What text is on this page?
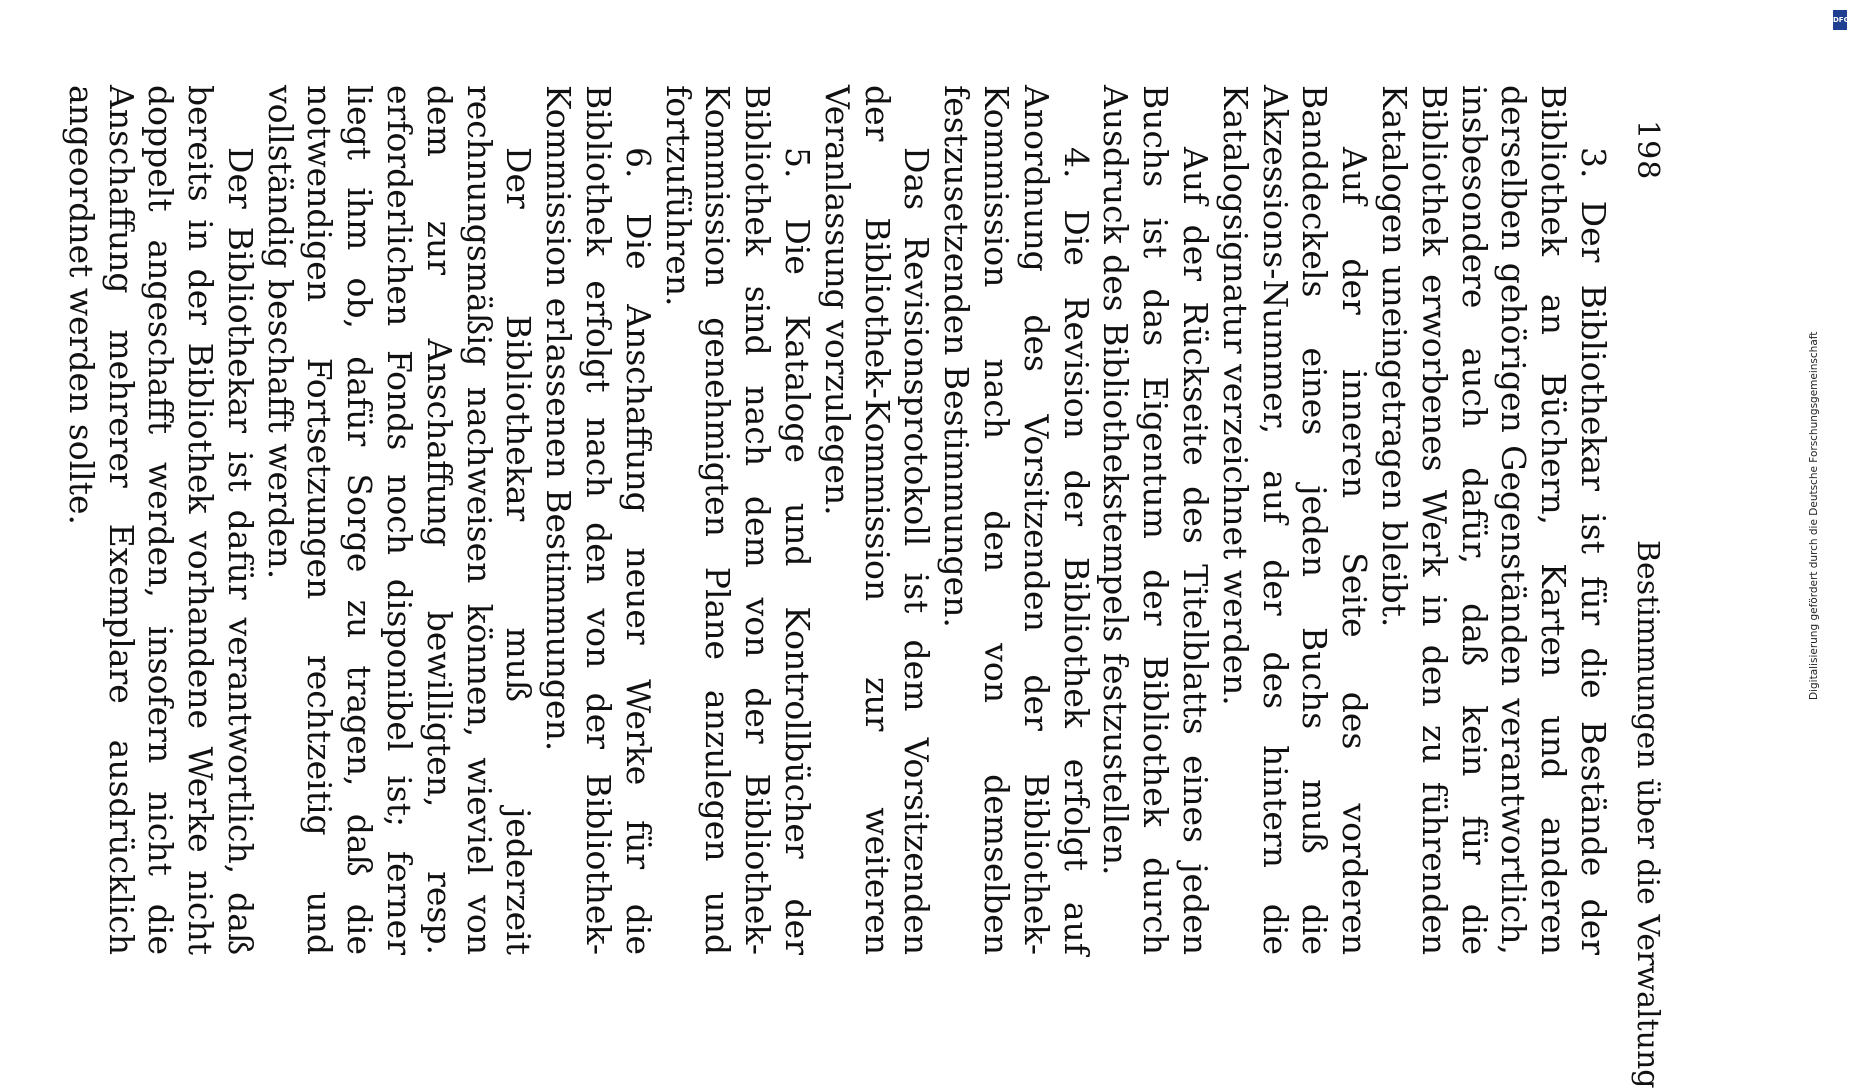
198
Bestimmungen über die Verwaltung

3. Der Bibliothekar ist für die Bestände der Bibliothek an Büchern, Karten und anderen derselben gehörigen Gegenständen verantwortlich, insbesondere auch dafür, daß kein für die Bibliothek erworbenes Werk in den zu führenden Katalogen uneingetragen bleibt.

Auf der inneren Seite des vorderen Banddeckels eines jeden Buchs muß die Akzessions-Nummer, auf der des hintern die Katalogsignatur verzeichnet werden.

Auf der Rückseite des Titelblatts eines jeden Buchs ist das Eigentum der Bibliothek durch Ausdruck des Bibliothekstempels festzustellen.

4. Die Revision der Bibliothek erfolgt auf Anordnung des Vorsitzenden der Bibliothek-Kommission nach den von demselben festzusetzenden Bestimmungen.

Das Revisionsprotokoll ist dem Vorsitzenden der Bibliothek-Kommission zur weiteren Veranlassung vorzulegen.

5. Die Kataloge und Kontrollbücher der Bibliothek sind nach dem von der Bibliothek-Kommission genehmigten Plane anzulegen und fortzuführen.

6. Die Anschaffung neuer Werke für die Bibliothek erfolgt nach den von der Bibliothek-Kommission erlassenen Bestimmungen.

Der Bibliothekar muß jederzeit rechnungsmäßig nachweisen können, wieviel von dem zur Anschaffung bewilligten, resp. erforderlichen Fonds noch disponibel ist; ferner liegt ihm ob, dafür Sorge zu tragen, daß die notwendigen Fortsetzungen rechtzeitig und vollständig beschafft werden.

Der Bibliothekar ist dafür verantwortlich, daß bereits in der Bibliothek vorhandene Werke nicht doppelt angeschafft werden, insofern nicht die Anschaffung mehrerer Exemplare ausdrücklich angeordnet werden sollte.	Digitalisierung gefördert durch die Deutsche Forschungsgemeinschaft
DFG
